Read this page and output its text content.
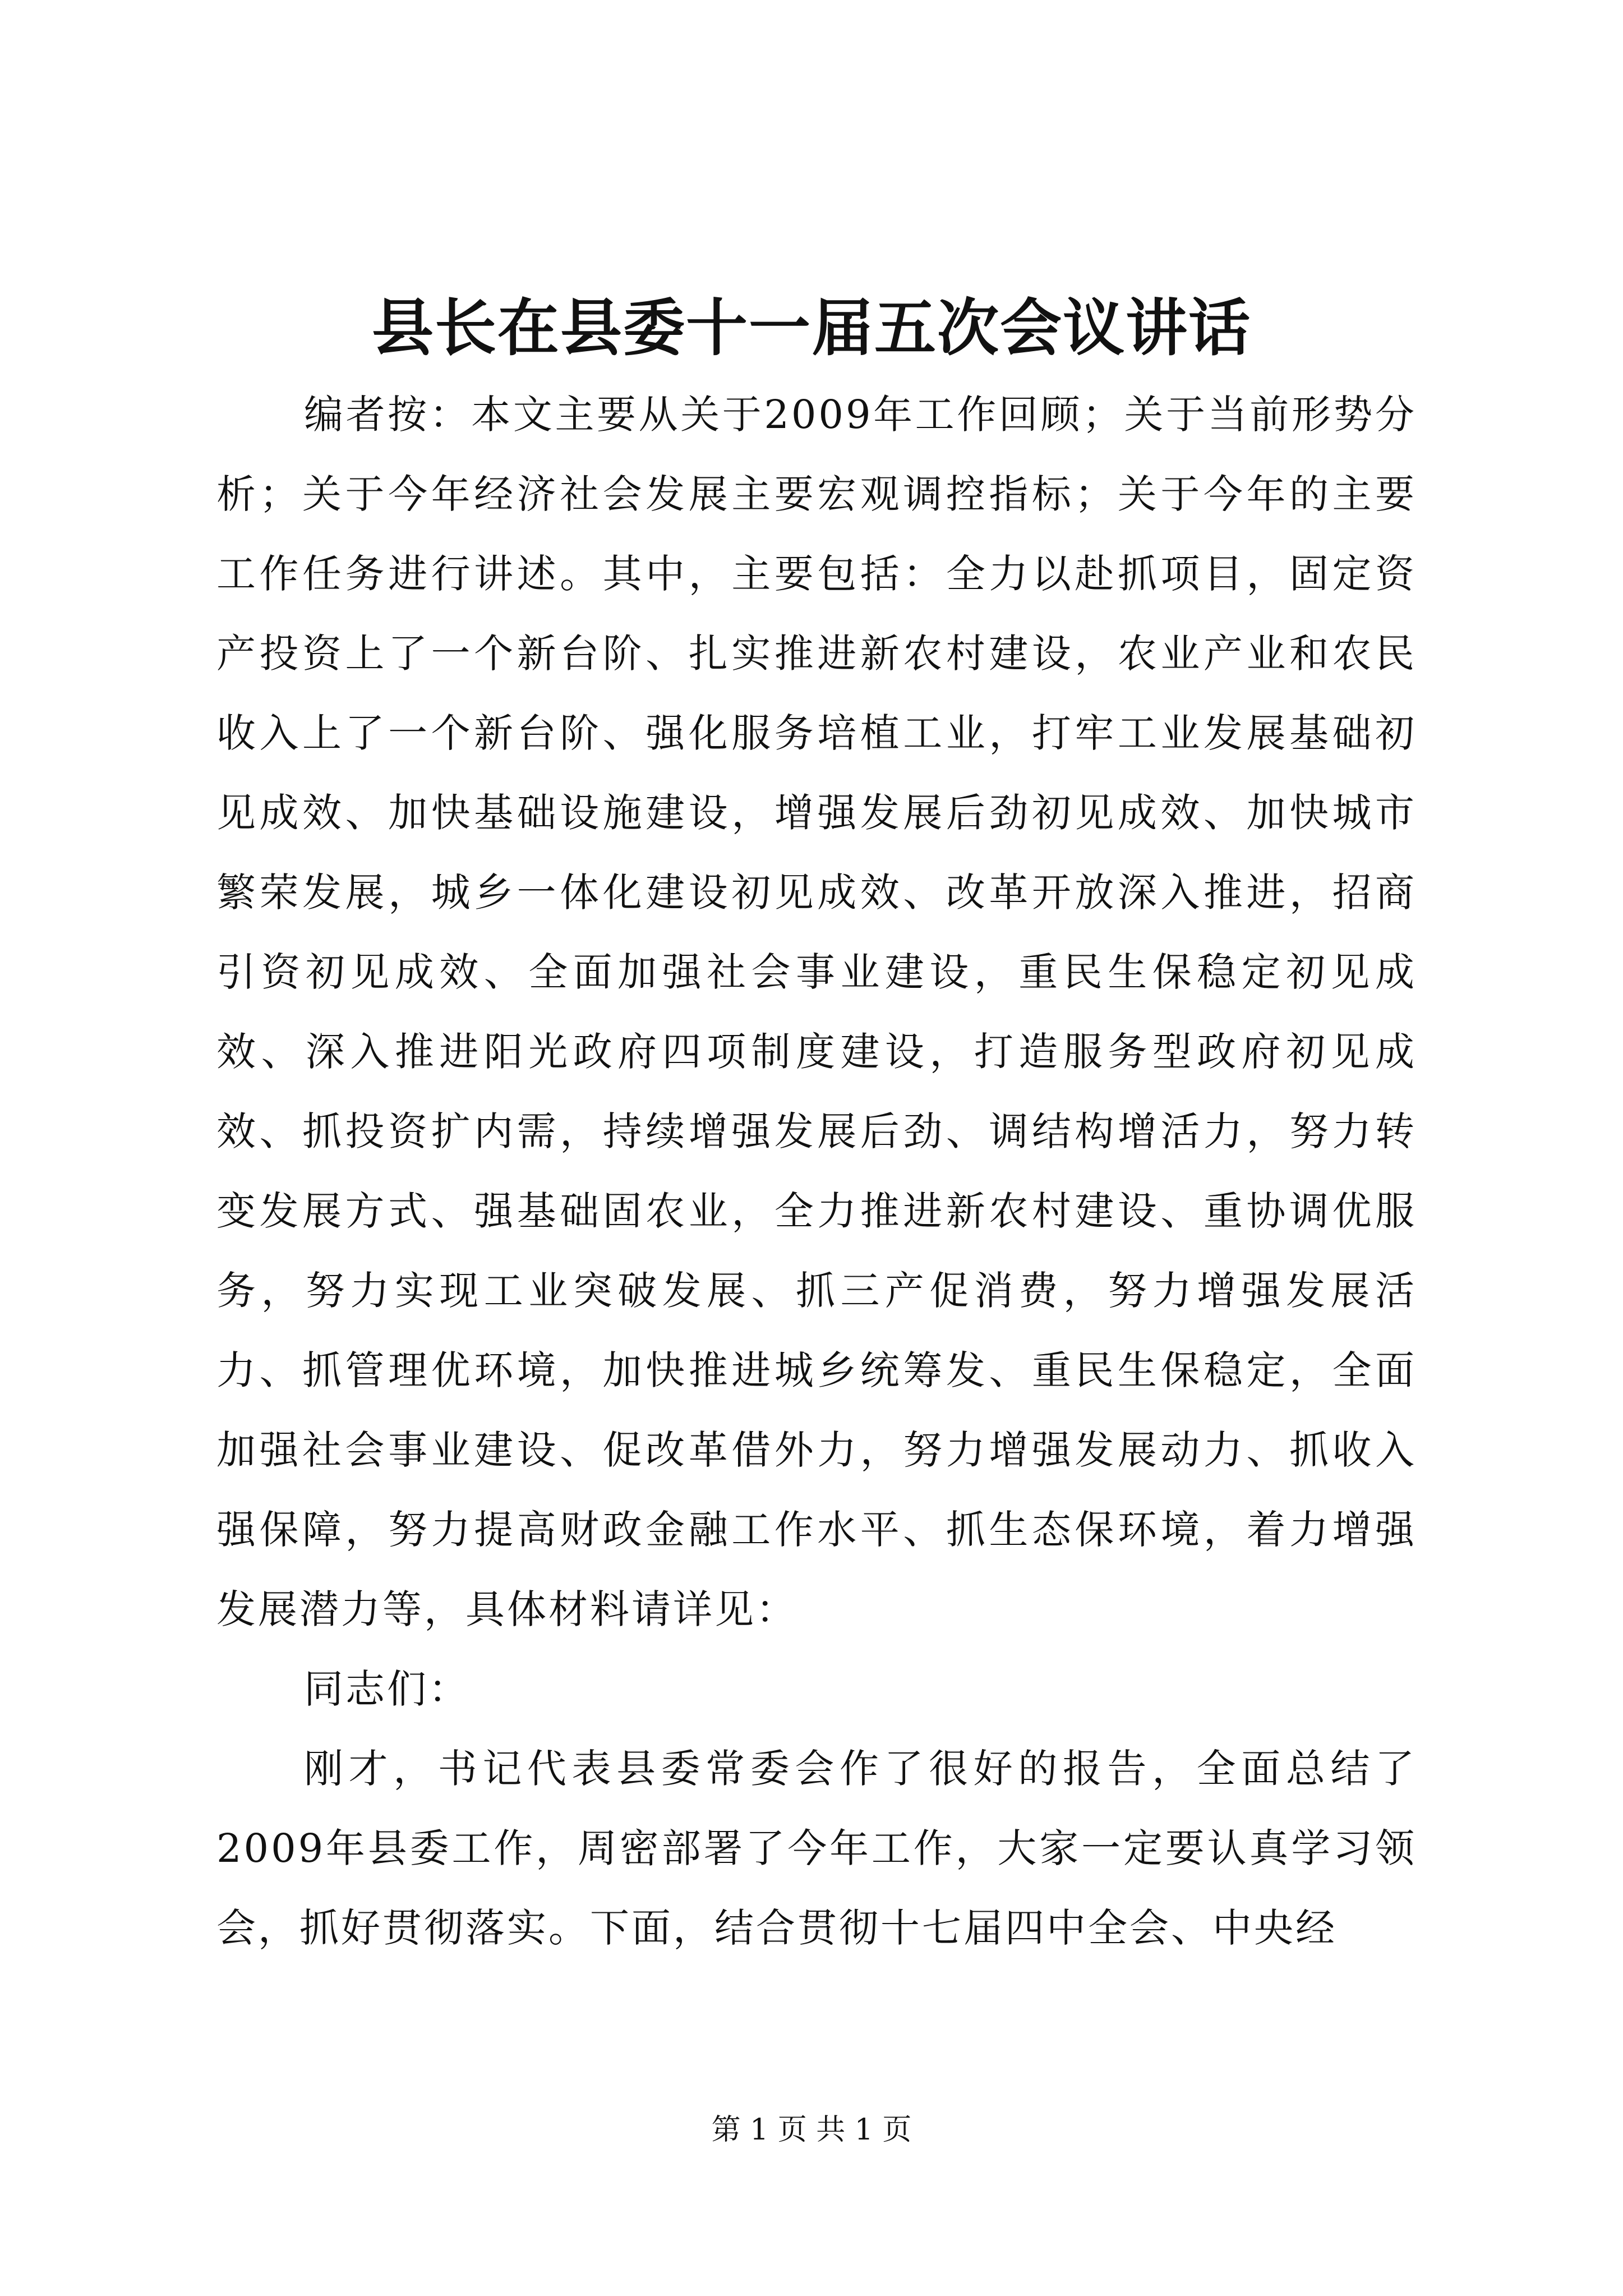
县长在县委十一届五次会议讲话

编者按：本文主要从关于2009年工作回顾；关于当前形势分析；关于今年经济社会发展主要宏观调控指标；关于今年的主要工作任务进行讲述。其中，主要包括：全力以赴抓项目，固定资产投资上了一个新台阶、扎实推进新农村建设，农业产业和农民收入上了一个新台阶、强化服务培植工业，打牢工业发展基础初见成效、加快基础设施建设，增强发展后劲初见成效、加快城市繁荣发展，城乡一体化建设初见成效、改革开放深入推进，招商引资初见成效、全面加强社会事业建设，重民生保稳定初见成效、深入推进阳光政府四项制度建设，打造服务型政府初见成效、抓投资扩内需，持续增强发展后劲、调结构增活力，努力转变发展方式、强基础固农业，全力推进新农村建设、重协调优服务，努力实现工业突破发展、抓三产促消费，努力增强发展活力、抓管理优环境，加快推进城乡统筹发、重民生保稳定，全面加强社会事业建设、促改革借外力，努力增强发展动力、抓收入强保障，努力提高财政金融工作水平、抓生态保环境，着力增强发展潜力等，具体材料请详见：

同志们：

刚才，书记代表县委常委会作了很好的报告，全面总结了2009年县委工作，周密部署了今年工作，大家一定要认真学习领会，抓好贯彻落实。下面，结合贯彻十七届四中全会、中央经

第 1 页 共 1 页
